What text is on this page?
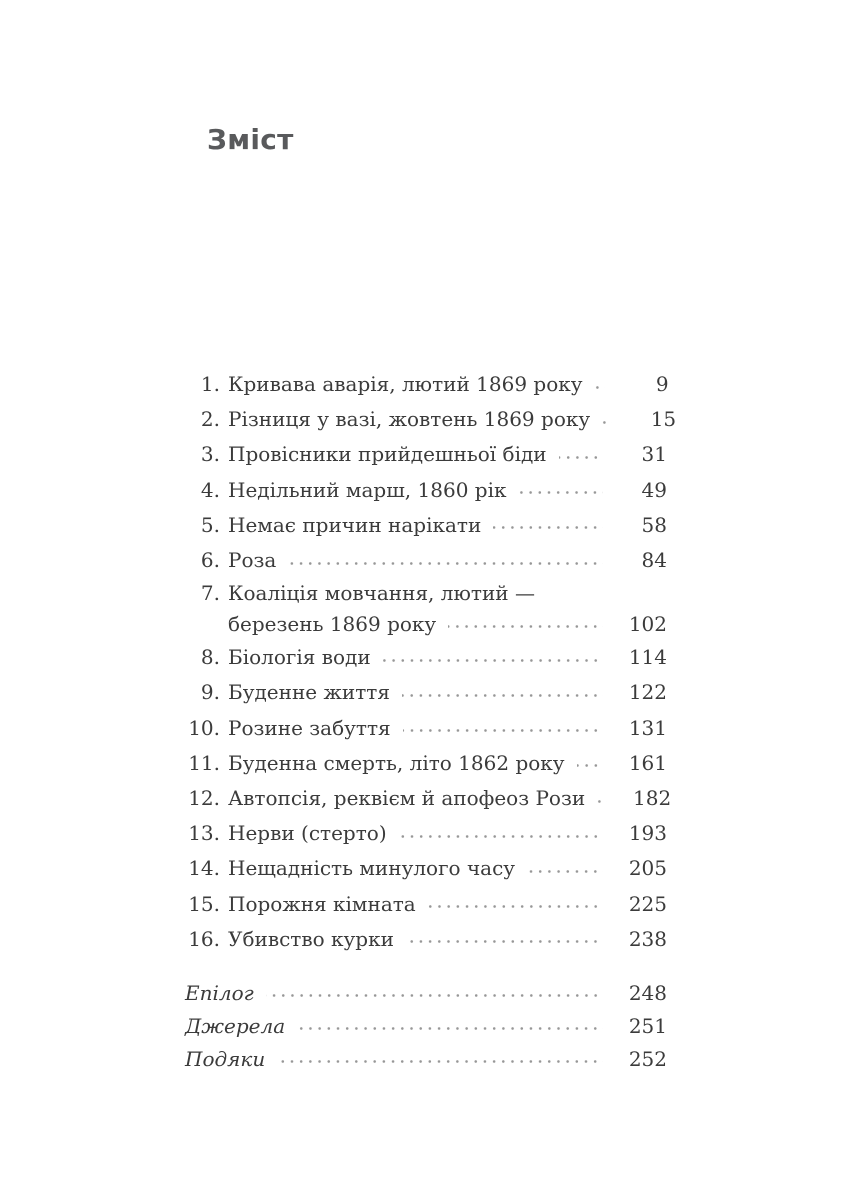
Зміст
1. Кривава аварія, лютий 1869 року	9
2. Різниця у вазі, жовтень 1869 року	15
3. Провісники прийдешньої біди	31
4. Недільний марш, 1860 рік	49
5. Немає причин нарікати	58
6. Роза	84
7. Коаліція мовчання, лютий —
березень 1869 року	102
8. Біологія води	114
9. Буденне життя	122
10. Розине забуття	131
11. Буденна смерть, літо 1862 року	161
12. Автопсія, реквієм й апофеоз Рози	182
13. Нерви (стерто)	193
14. Нещадність минулого часу	205
15. Порожня кімната	225
16. Убивство курки	238
Епілог	248
Джерела	251
Подяки	252
